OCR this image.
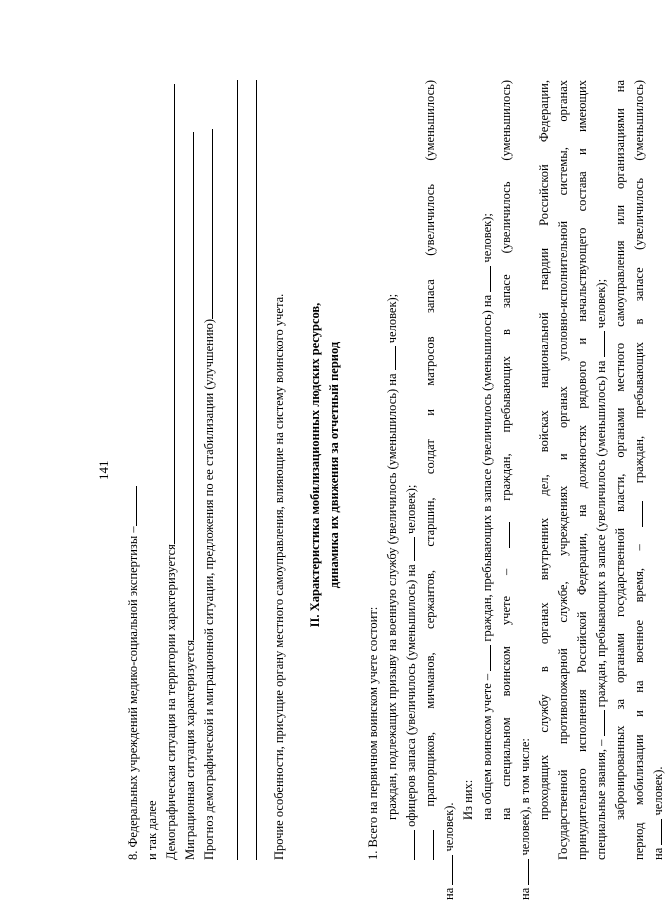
141
8. Федеральных учреждений медико-социальной экспертизы – и так далее Демографическая ситуация на территории характеризуется Миграционная ситуация характеризуется Прогноз демографической и миграционной ситуации, предложения по ее стабилизации (улучшению)	Прочие особенности, присущие органу местного самоуправления, влияющие на систему воинского учета. II. Характеристика мобилизационных людских ресурсов, динамика их движения за отчетный период
1. Всего на первичном воинском учете состоит: граждан, подлежащих призыву на военную службу (увеличилось (уменьшилось) на  человек);
офицеров запаса (увеличилось (уменьшилось) на  человек); прапорщиков, мичманов, сержантов, старшин, солдат и матросов запаса (увеличилось (уменьшилось)
на  человек).
Из них: на общем воинском учете –  граждан, пребывающих в запасе (увеличилось (уменьшилось) на  человек);
на специальном воинском учете –  граждан, пребывающих в запасе (увеличилось (уменьшилось)
на  человек), в том числе: проходящих службу в органах внутренних дел, войсках национальной гвардии Российской Федерации, Государственной противопожарной службе, учреждениях и органах уголовно-исполнительной системы, органах принудительного исполнения Российской Федерации, на должностях рядового и начальствующего состава и имеющих специальные звания, –  граждан, пребывающих в запасе (увеличилось (уменьшилось) на  человек); забронированных за органами государственной власти, органами местного самоуправления или организациями на период мобилизации и на военное время, –  граждан, пребывающих в запасе (увеличилось (уменьшилось)
на  человек).
